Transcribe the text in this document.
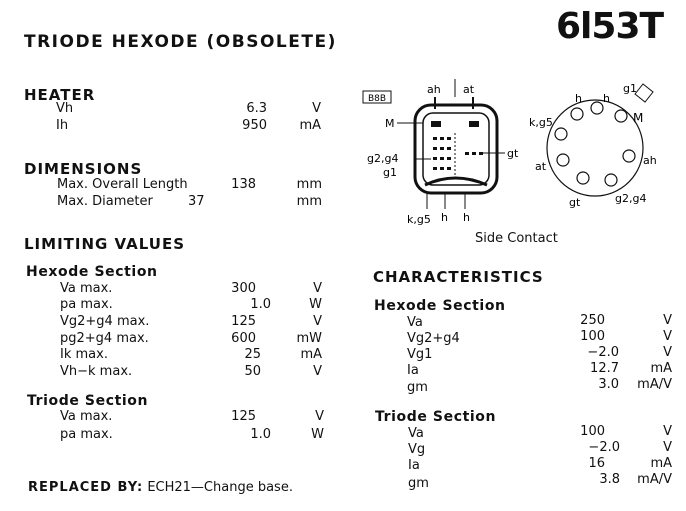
TRIODE HEXODE (OBSOLETE)	6l53T
HEATER
Vh	6.3	V
Ih	950	mA
DIMENSIONS
Max. Overall Length	138	mm
Max. Diameter	37	mm
LIMITING VALUES
Hexode Section
Va max.	300	V
pa max.	1.0	W
Vg2+g4 max.	125	V
pg2+g4 max.	600	mW
Ik max.	25	mA
Vh−k max.	50	V
Triode Section
Va max.	125	V
pa max.	1.0	W
REPLACED BY: ECH21—Change base.
B8B
ah at
M
g2,g4
g1
gt
k,g5 h h
Side Contact
h h
g1
M
k,g5
at	ah
gt	g2,g4
CHARACTERISTICS
Hexode Section
Va	250	V
Vg2+g4	100	V
Vg1	−2.0	V
Ia	12.7	mA
gm	3.0	mA/V
Triode Section
Va	100	V
Vg	−2.0	V
Ia	16	mA
gm	3.8	mA/V
